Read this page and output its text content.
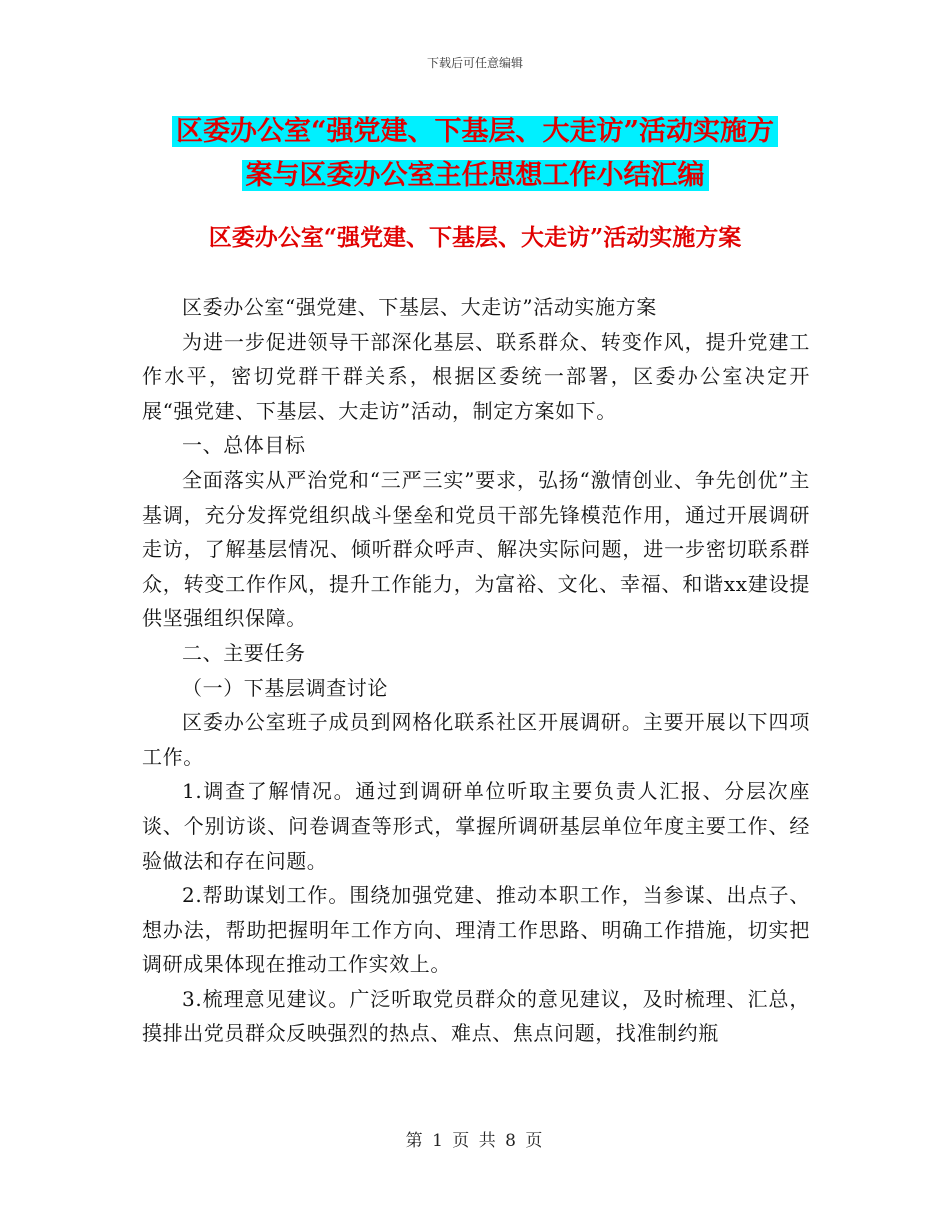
下载后可任意编辑
区委办公室“强党建、下基层、大走访”活动实施方
案与区委办公室主任思想工作小结汇编
区委办公室“强党建、下基层、大走访”活动实施方案

区委办公室“强党建、下基层、大走访”活动实施方案

为进一步促进领导干部深化基层、联系群众、转变作风，提升党建工作水平，密切党群干群关系，根据区委统一部署，区委办公室决定开展“强党建、下基层、大走访”活动，制定方案如下。

一、总体目标

全面落实从严治党和“三严三实”要求，弘扬“激情创业、争先创优”主基调，充分发挥党组织战斗堡垒和党员干部先锋模范作用，通过开展调研走访，了解基层情况、倾听群众呼声、解决实际问题，进一步密切联系群众，转变工作作风，提升工作能力，为富裕、文化、幸福、和谐xx建设提供坚强组织保障。

二、主要任务

（一）下基层调查讨论

区委办公室班子成员到网格化联系社区开展调研。主要开展以下四项工作。

1.调查了解情况。通过到调研单位听取主要负责人汇报、分层次座谈、个别访谈、问卷调查等形式，掌握所调研基层单位年度主要工作、经验做法和存在问题。

2.帮助谋划工作。围绕加强党建、推动本职工作，当参谋、出点子、想办法，帮助把握明年工作方向、理清工作思路、明确工作措施，切实把调研成果体现在推动工作实效上。

3.梳理意见建议。广泛听取党员群众的意见建议，及时梳理、汇总，摸排出党员群众反映强烈的热点、难点、焦点问题，找准制约瓶

第 1 页 共 8 页
